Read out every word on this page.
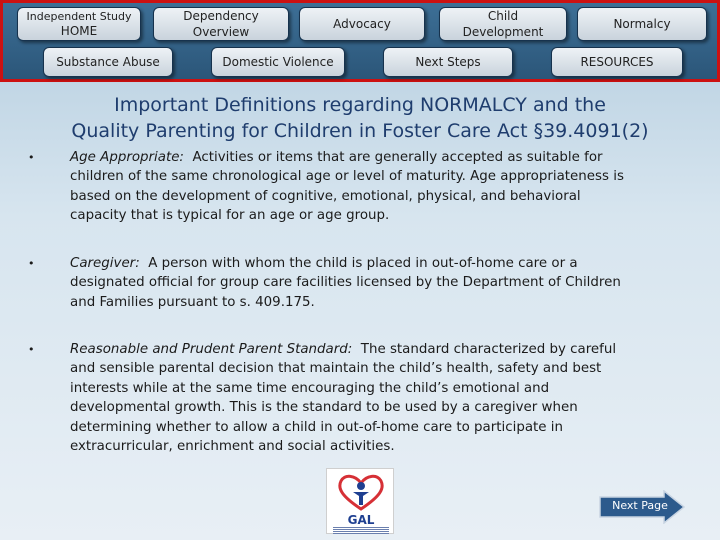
Independent Study
HOME
Dependency
Overview
Advocacy
Child
Development
Normalcy
Substance Abuse	Domestic Violence	Next Steps	RESOURCES
Important Definitions regarding NORMALCY and the
Quality Parenting for Children in Foster Care Act §39.4091(2)
•	Age Appropriate: Activities or items that are generally accepted as suitable for
children of the same chronological age or level of maturity. Age appropriateness is
based on the development of cognitive, emotional, physical, and behavioral
capacity that is typical for an age or age group.
•	Caregiver: A person with whom the child is placed in out-of-home care or a
designated official for group care facilities licensed by the Department of Children
and Families pursuant to s. 409.175.
•	Reasonable and Prudent Parent Standard: The standard characterized by careful
and sensible parental decision that maintain the child’s health, safety and best
interests while at the same time encouraging the child’s emotional and
developmental growth. This is the standard to be used by a caregiver when
determining whether to allow a child in out-of-home care to participate in
extracurricular, enrichment and social activities.
GAL
Next Page
